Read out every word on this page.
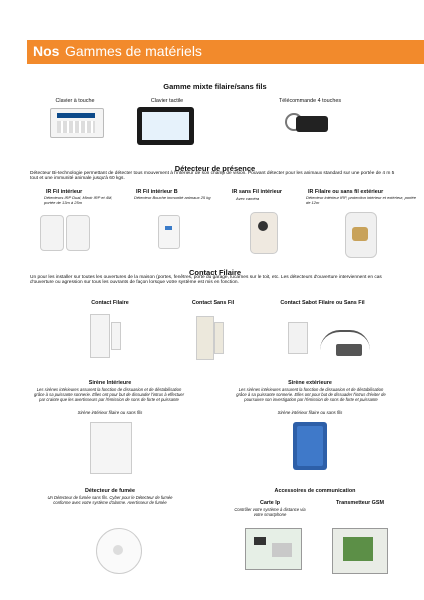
Nos Gammes de matériels
Gamme mixte filaire/sans fils
Clavier à touche	Clavier tactile	Télécommande 4 touches
Détecteur de présence
Détecteur Bi-technologie permettant de détecter tous mouvement à l'intérieur de son champ de vision. Pouvant détecter pour les animaux standard sur une portée de 4 m 5 tout et une immunité animale jusqu'à 60 kgs.
IR Fil intérieur
Détecteurs IRP Dual, Miroir IRP et 4M, portée de 13m à 25m
IR Fil intérieur B
Détecteur Bouche immunité animaux 25 kg
IR sans Fil intérieur
Avec caméra
IR Filaire ou sans fil extérieur
Détecteur intérieur IRP, protection intérieur et extérieur, portée de 12m
Contact Filaire
Un pour les installer sur toutes les ouvertures de la maison (portes, fenêtres, porte du garage, lucarnes sur le toit, etc. Les détecteurs d'ouverture interviennent en cas d'ouverture ou agression sur tous les ouvrants de façon lorsque votre système est mis en fonction.
Contact Filaire	Contact Sans Fil	Contact Sabot Filaire ou Sans Fil
Sirène Intérieure
Les sirènes intérieures assurent la fonction de dissuasion et de déstabilisation grâce à sa puissante sonnerie. Elles ont pour but de dissuader l'intrus à effectuer par crainte que les avertisseurs par l'émission de sons de forte et puissante
Sirène intérieur filaire ou sans fils
Sirène extérieure
Les sirènes intérieures assurent la fonction de dissuasion et de déstabilisation grâce à sa puissante sonnerie. Elles ont pour but de dissuader l'intrus d'éviter de poursuivre son investigation par l'émission de sons de forte et puissante
Sirène intérieur filaire ou sans fils
Détecteur de fumée
Un Détecteur de fumée sans fils. Cyber pour le Détecteur de fumée conforme avec votre système d'alarme. Avertisseur de fumée
Accessoires de communication
Carte Ip
Contrôler votre système à distance via votre smartphone
Transmetteur GSM
